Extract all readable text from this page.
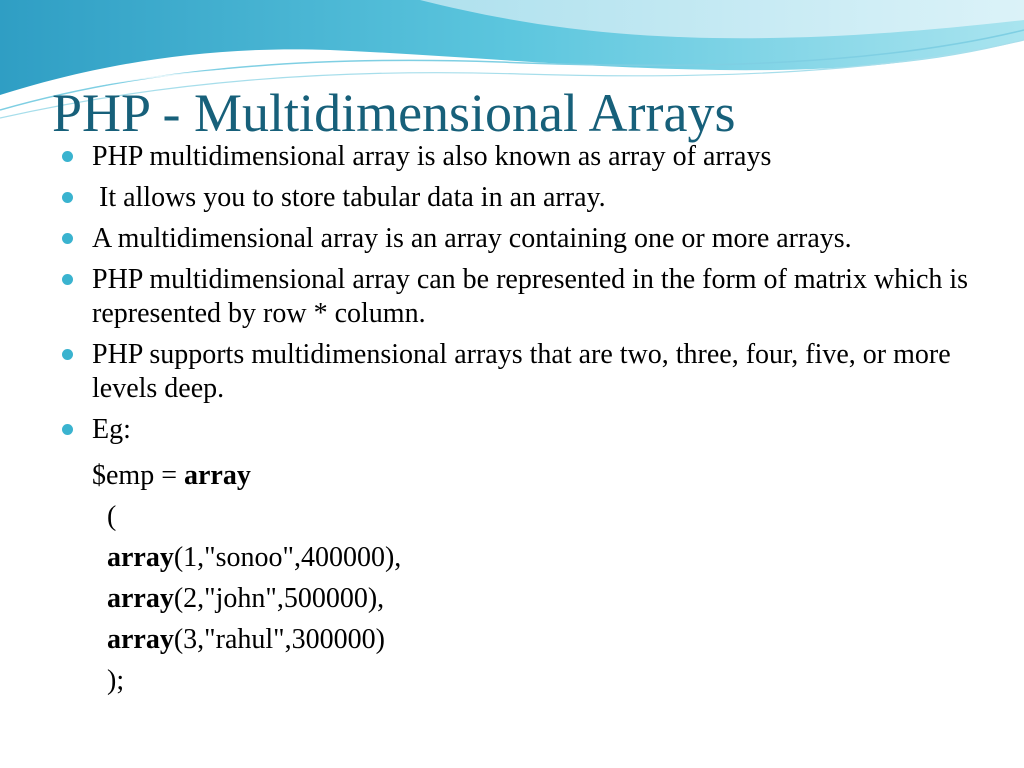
PHP - Multidimensional Arrays
PHP multidimensional array is also known as array of arrays
It allows you to store tabular data in an array.
A multidimensional array is an array containing one or more arrays.
PHP multidimensional array can be represented in the form of matrix which is represented by row * column.
PHP supports multidimensional arrays that are two, three, four, five, or more levels deep.
Eg:
$emp = array
(
array(1,"sonoo",400000),
array(2,"john",500000),
array(3,"rahul",300000)
);
